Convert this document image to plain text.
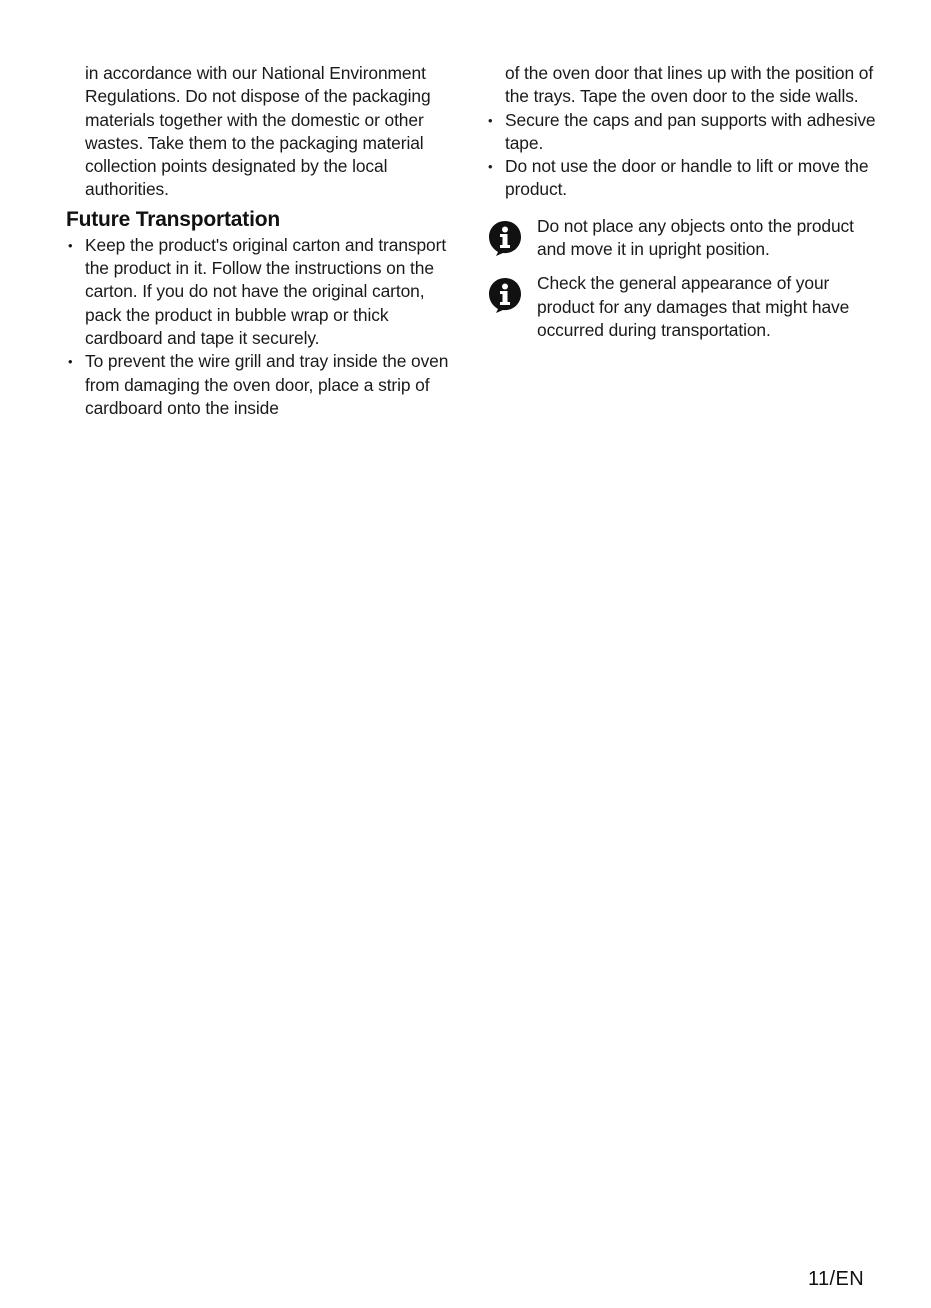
in accordance with our National Environment Regulations. Do not dispose of the packaging materials together with the domestic or other wastes. Take them to the packaging material collection points designated by the local authorities.

Future Transportation
• Keep the product's original carton and transport the product in it. Follow the instructions on the carton. If you do not have the original carton, pack the product in bubble wrap or thick cardboard and tape it securely.
• To prevent the wire grill and tray inside the oven from damaging the oven door, place a strip of cardboard onto the inside

of the oven door that lines up with the position of the trays. Tape the oven door to the side walls.

• Secure the caps and pan supports with adhesive tape.
• Do not use the door or handle to lift or move the product.
Do not place any objects onto the product and move it in upright position.
Check the general appearance of your product for any damages that might have occurred during transportation.
11/EN
